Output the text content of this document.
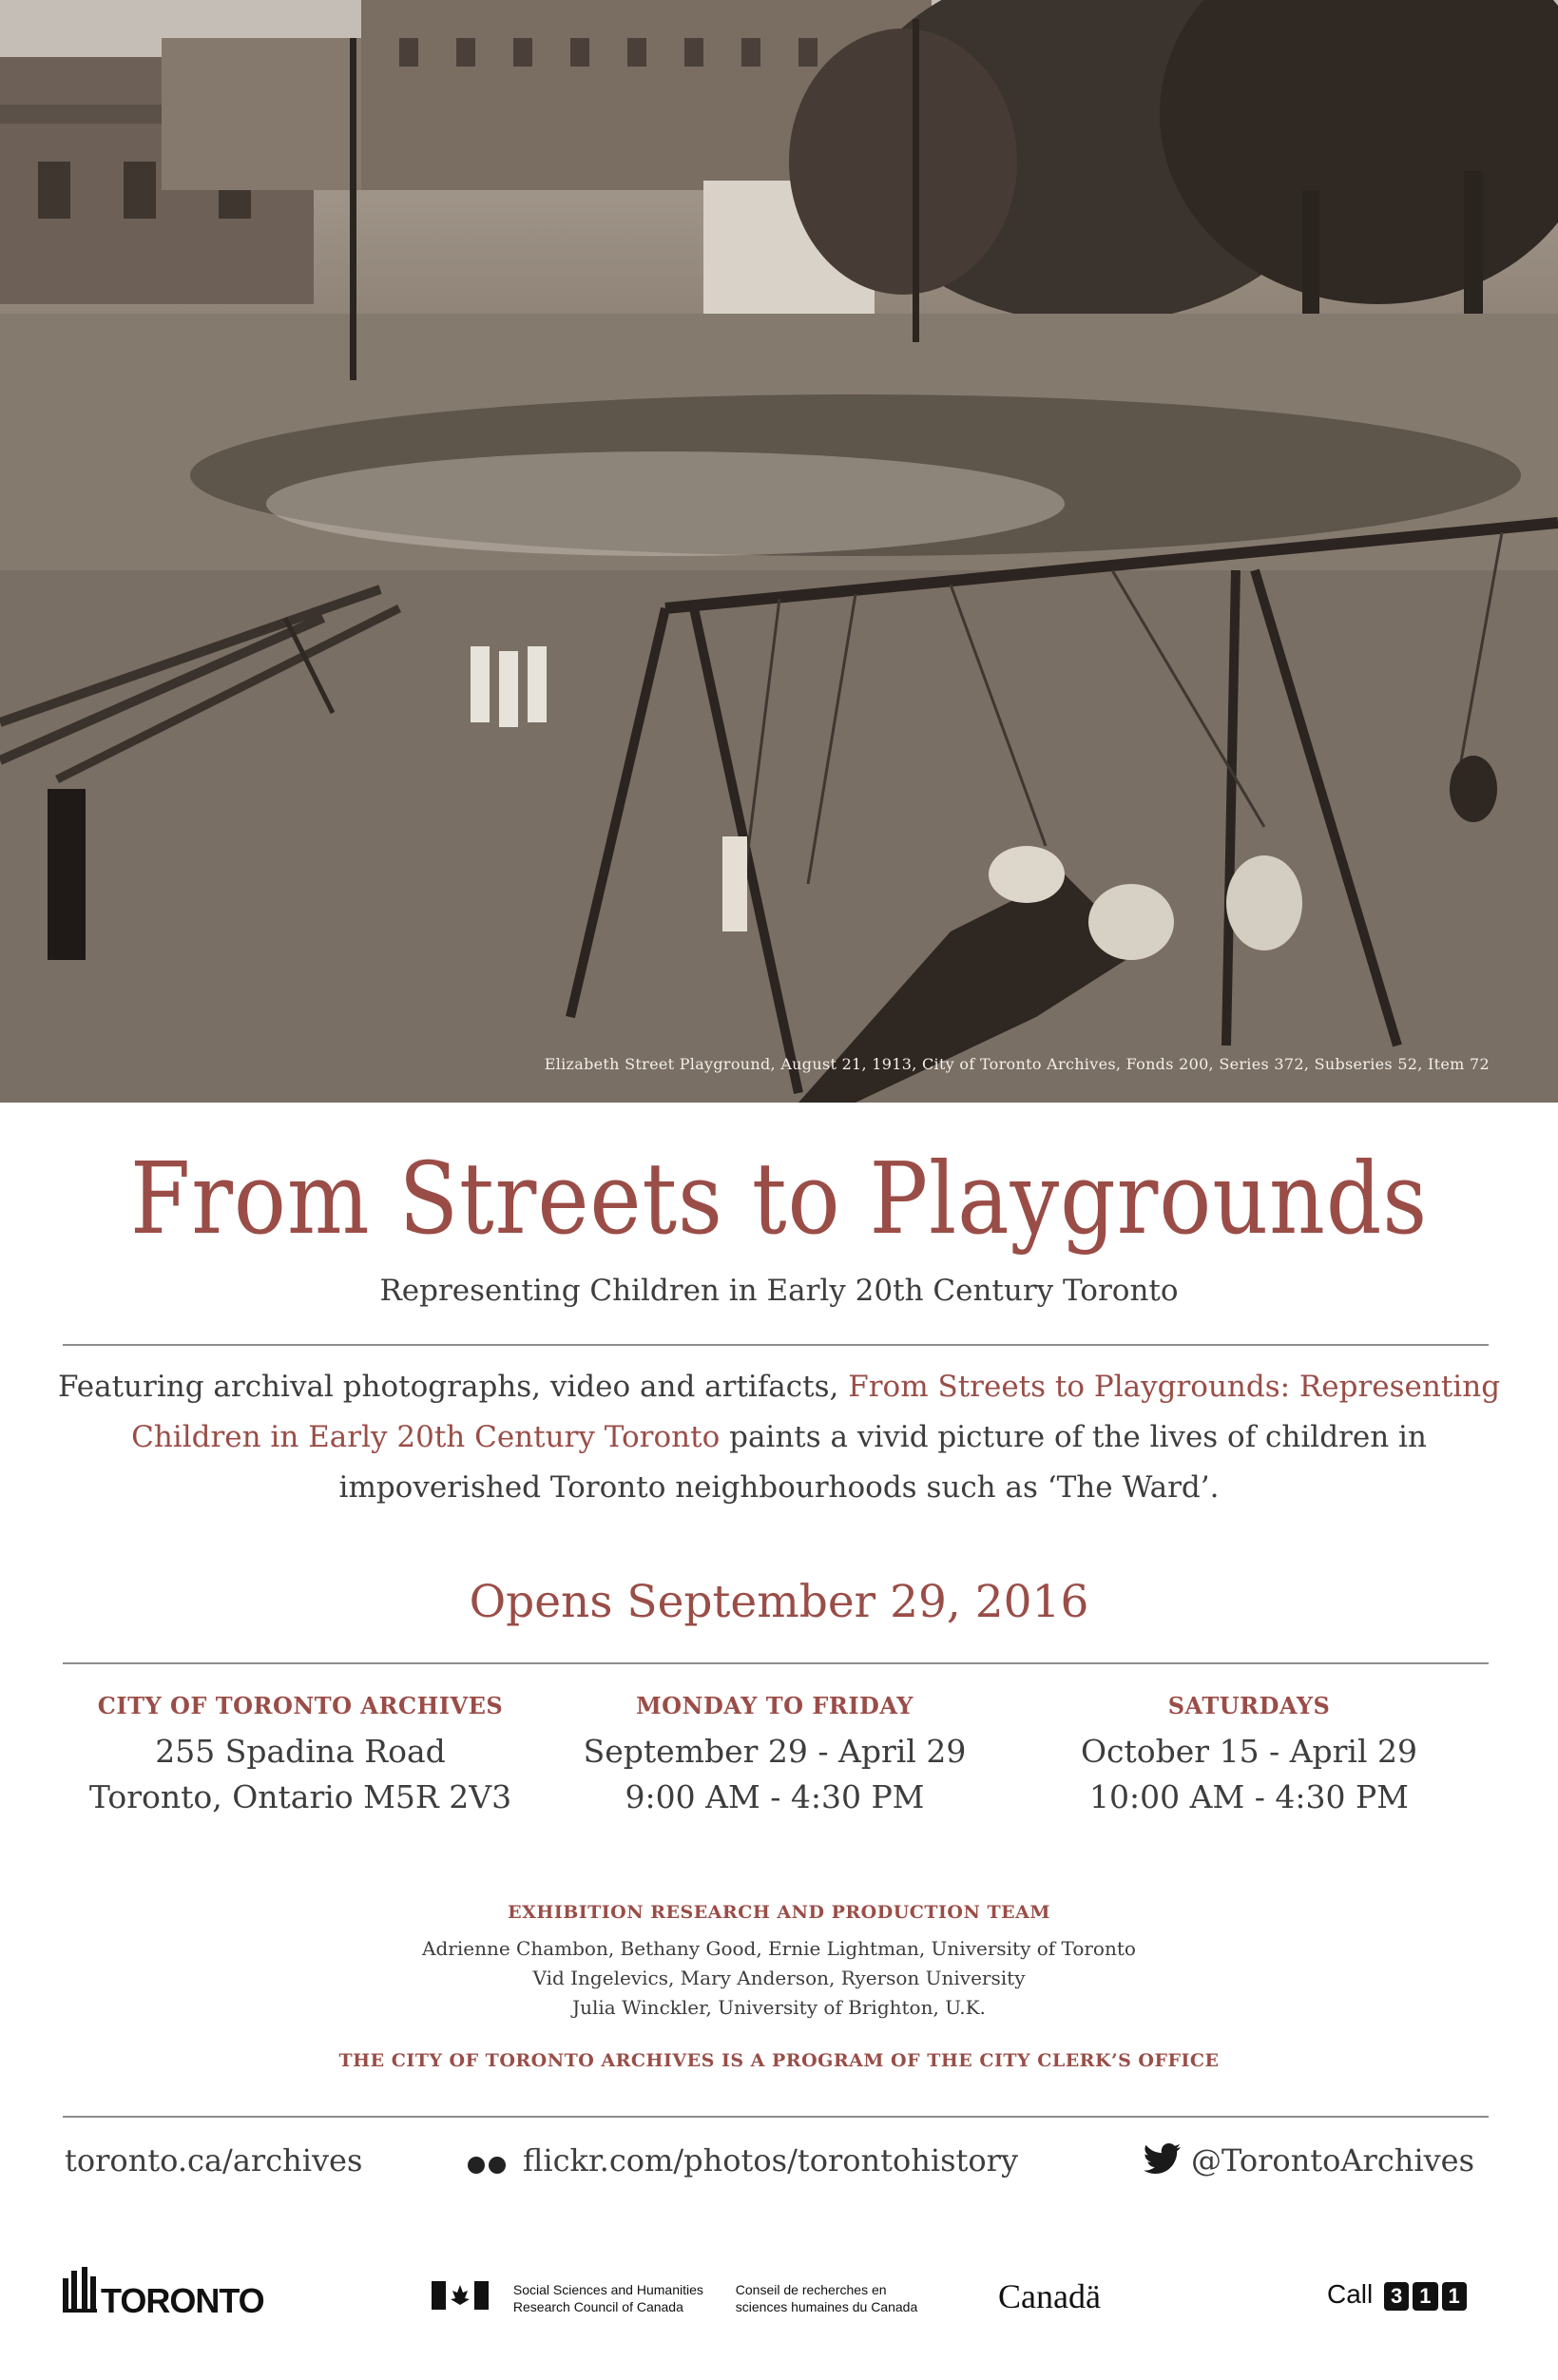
Elizabeth Street Playground, August 21, 1913, City of Toronto Archives, Fonds 200, Series 372, Subseries 52, Item 72
From Streets to Playgrounds
Representing Children in Early 20th Century Toronto
Featuring archival photographs, video and artifacts, From Streets to Playgrounds: Representing Children in Early 20th Century Toronto paints a vivid picture of the lives of children in impoverished Toronto neighbourhoods such as ‘The Ward’.
Opens September 29, 2016
CITY OF TORONTO ARCHIVES
255 Spadina Road
Toronto, Ontario M5R 2V3
MONDAY TO FRIDAY
September 29 - April 29
9:00 AM - 4:30 PM
SATURDAYS
October 15 - April 29
10:00 AM - 4:30 PM
EXHIBITION RESEARCH AND PRODUCTION TEAM
Adrienne Chambon, Bethany Good, Ernie Lightman, University of Toronto
Vid Ingelevics, Mary Anderson, Ryerson University
Julia Winckler, University of Brighton, U.K.
THE CITY OF TORONTO ARCHIVES IS A PROGRAM OF THE CITY CLERK’S OFFICE
toronto.ca/archives	flickr.com/photos/torontohistory	@TorontoArchives
TORONTO	Social Sciences and Humanities
Research Council of Canada Conseil de recherches en
sciences humaines du Canada Canadä	Call 3 1 1
